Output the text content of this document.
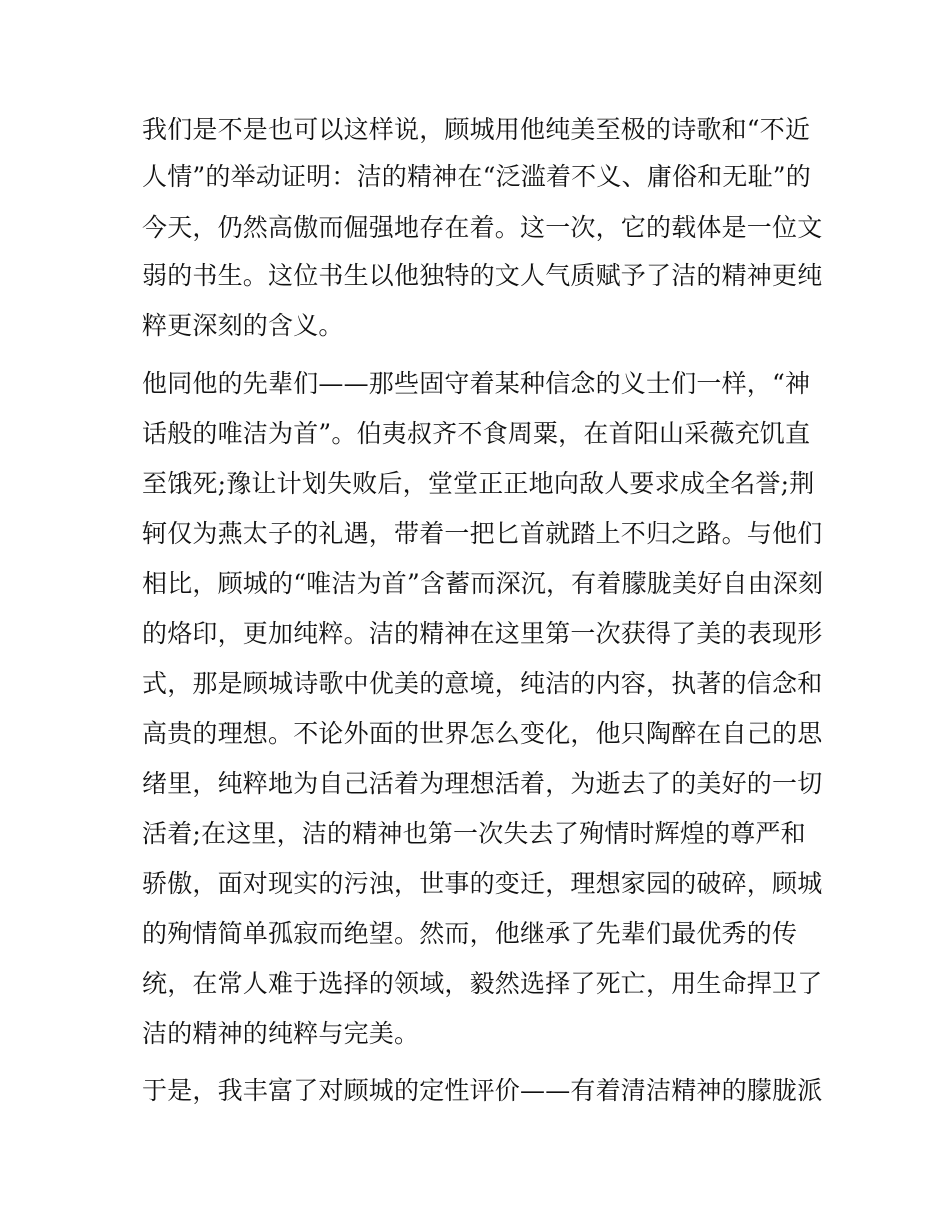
我们是不是也可以这样说，顾城用他纯美至极的诗歌和“不近
人情”的举动证明：洁的精神在“泛滥着不义、庸俗和无耻”的
今天，仍然高傲而倔强地存在着。这一次，它的载体是一位文
弱的书生。这位书生以他独特的文人气质赋予了洁的精神更纯
粹更深刻的含义。
他同他的先辈们——那些固守着某种信念的义士们一样，“神
话般的唯洁为首”。伯夷叔齐不食周粟，在首阳山采薇充饥直
至饿死;豫让计划失败后，堂堂正正地向敌人要求成全名誉;荆
轲仅为燕太子的礼遇，带着一把匕首就踏上不归之路。与他们
相比，顾城的“唯洁为首”含蓄而深沉，有着朦胧美好自由深刻
的烙印，更加纯粹。洁的精神在这里第一次获得了美的表现形
式，那是顾城诗歌中优美的意境，纯洁的内容，执著的信念和
高贵的理想。不论外面的世界怎么变化，他只陶醉在自己的思
绪里，纯粹地为自己活着为理想活着，为逝去了的美好的一切
活着;在这里，洁的精神也第一次失去了殉情时辉煌的尊严和
骄傲，面对现实的污浊，世事的变迁，理想家园的破碎，顾城
的殉情简单孤寂而绝望。然而，他继承了先辈们最优秀的传
统，在常人难于选择的领域，毅然选择了死亡，用生命捍卫了
洁的精神的纯粹与完美。
于是，我丰富了对顾城的定性评价——有着清洁精神的朦胧派
